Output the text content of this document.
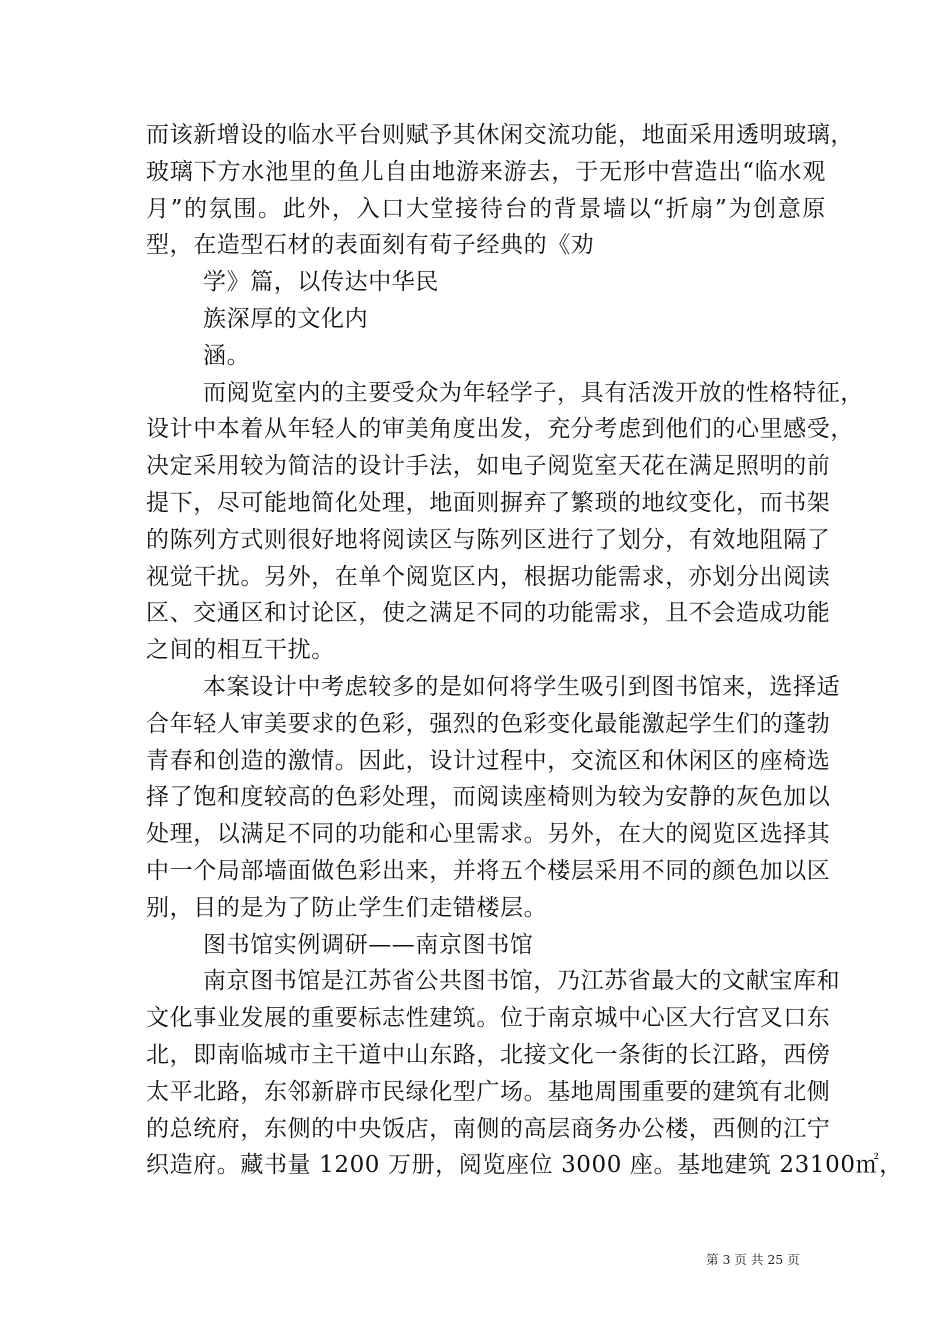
而该新增设的临水平台则赋予其休闲交流功能，地面采用透明玻璃，
玻璃下方水池里的鱼儿自由地游来游去，于无形中营造出“临水观
月”的氛围。此外，入口大堂接待台的背景墙以“折扇”为创意原
型，在造型石材的表面刻有荀子经典的《劝
学》篇，以传达中华民
族深厚的文化内
涵。
而阅览室内的主要受众为年轻学子，具有活泼开放的性格特征，
设计中本着从年轻人的审美角度出发，充分考虑到他们的心里感受，
决定采用较为简洁的设计手法，如电子阅览室天花在满足照明的前
提下，尽可能地简化处理，地面则摒弃了繁琐的地纹变化，而书架
的陈列方式则很好地将阅读区与陈列区进行了划分，有效地阻隔了
视觉干扰。另外，在单个阅览区内，根据功能需求，亦划分出阅读
区、交通区和讨论区，使之满足不同的功能需求，且不会造成功能
之间的相互干扰。
本案设计中考虑较多的是如何将学生吸引到图书馆来，选择适
合年轻人审美要求的色彩，强烈的色彩变化最能激起学生们的蓬勃
青春和创造的激情。因此，设计过程中，交流区和休闲区的座椅选
择了饱和度较高的色彩处理，而阅读座椅则为较为安静的灰色加以
处理，以满足不同的功能和心里需求。另外，在大的阅览区选择其
中一个局部墙面做色彩出来，并将五个楼层采用不同的颜色加以区
别，目的是为了防止学生们走错楼层。
图书馆实例调研——南京图书馆
南京图书馆是江苏省公共图书馆，乃江苏省最大的文献宝库和
文化事业发展的重要标志性建筑。位于南京城中心区大行宫叉口东
北，即南临城市主干道中山东路，北接文化一条街的长江路，西傍
太平北路，东邻新辟市民绿化型广场。基地周围重要的建筑有北侧
的总统府，东侧的中央饭店，南侧的高层商务办公楼，西侧的江宁
织造府。藏书量 1200 万册，阅览座位 3000 座。基地建筑 23100㎡，
第 3 页 共 25 页
